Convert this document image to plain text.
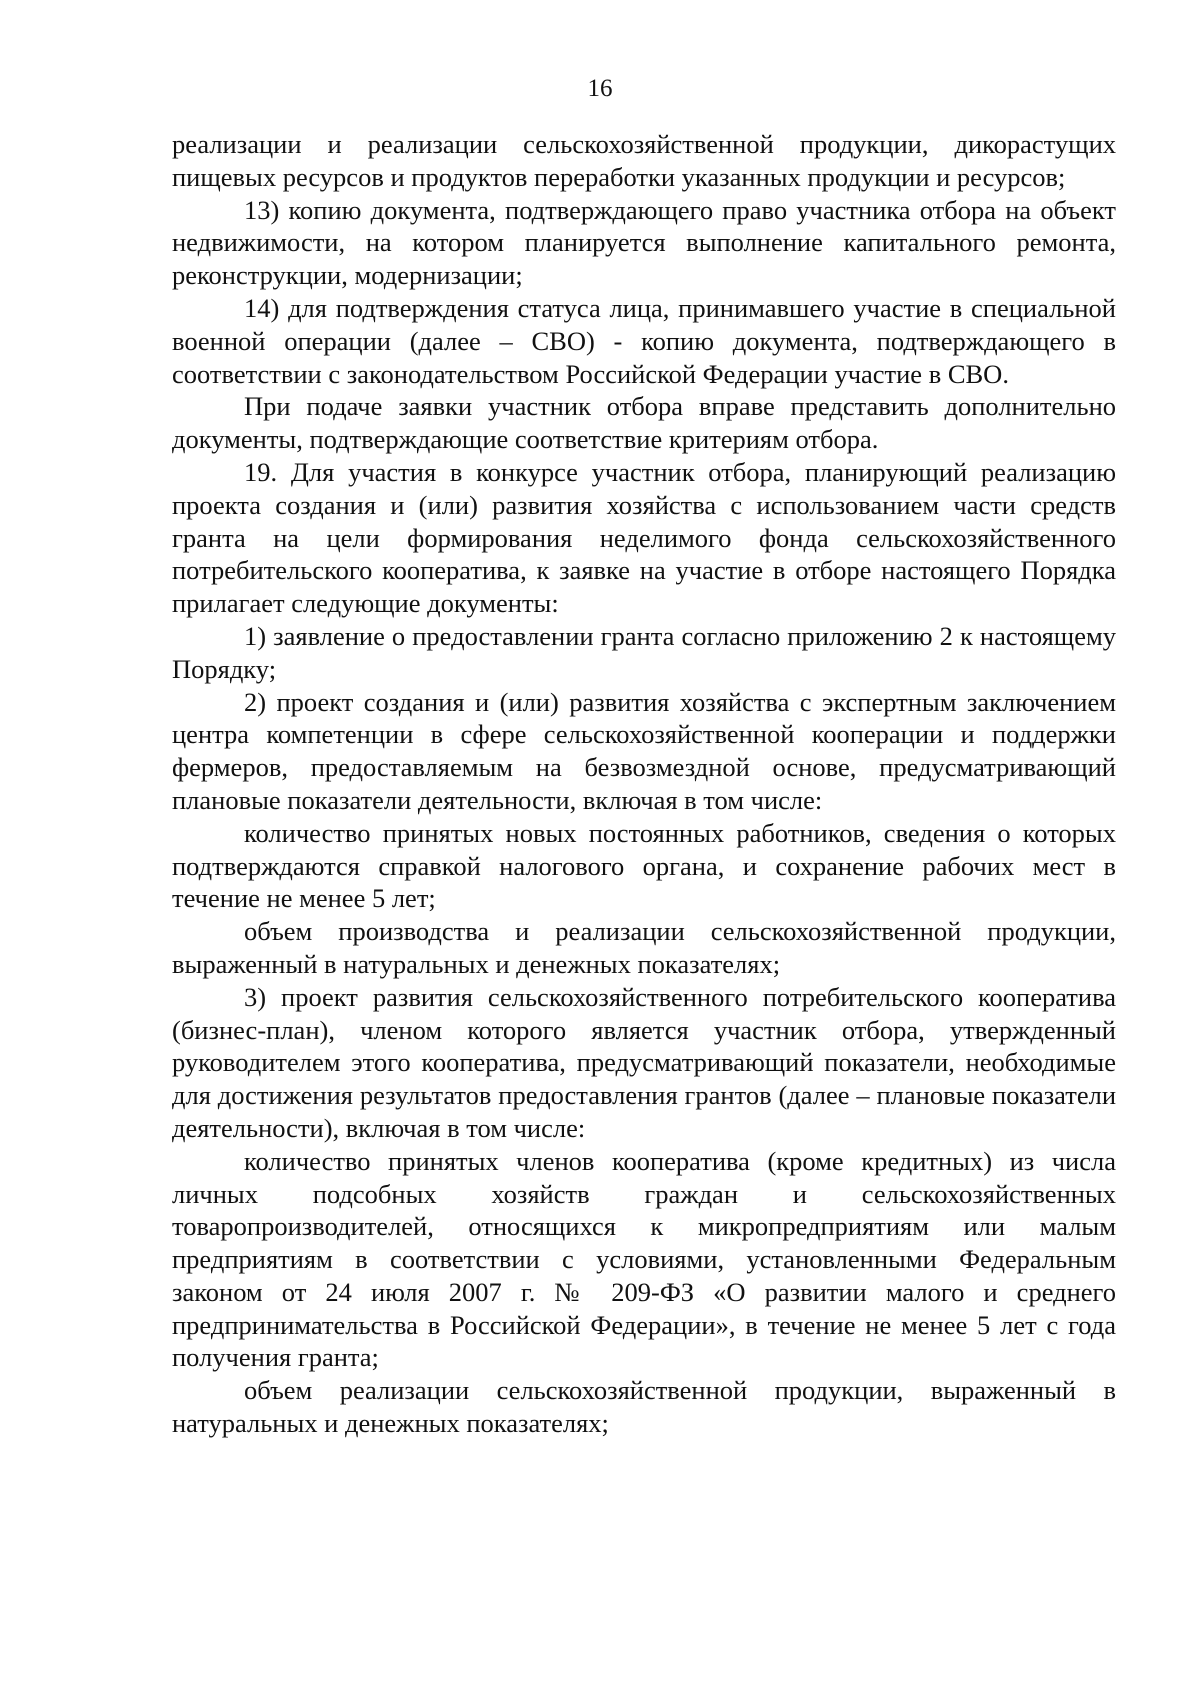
16

реализации и реализации сельскохозяйственной продукции, дикорастущих пищевых ресурсов и продуктов переработки указанных продукции и ресурсов;

13) копию документа, подтверждающего право участника отбора на объект недвижимости, на котором планируется выполнение капитального ремонта, реконструкции, модернизации;

14) для подтверждения статуса лица, принимавшего участие в специальной военной операции (далее – СВО) - копию документа, подтверждающего в соответствии с законодательством Российской Федерации участие в СВО.

При подаче заявки участник отбора вправе представить дополнительно документы, подтверждающие соответствие критериям отбора.

19. Для участия в конкурсе участник отбора, планирующий реализацию проекта создания и (или) развития хозяйства с использованием части средств гранта на цели формирования неделимого фонда сельскохозяйственного потребительского кооператива, к заявке на участие в отборе настоящего Порядка прилагает следующие документы:

1) заявление о предоставлении гранта согласно приложению 2 к настоящему Порядку;

2) проект создания и (или) развития хозяйства с экспертным заключением центра компетенции в сфере сельскохозяйственной кооперации и поддержки фермеров, предоставляемым на безвозмездной основе, предусматривающий плановые показатели деятельности, включая в том числе:

количество принятых новых постоянных работников, сведения о которых подтверждаются справкой налогового органа, и сохранение рабочих мест в течение не менее 5 лет;

объем производства и реализации сельскохозяйственной продукции, выраженный в натуральных и денежных показателях;

3) проект развития сельскохозяйственного потребительского кооператива (бизнес-план), членом которого является участник отбора, утвержденный руководителем этого кооператива, предусматривающий показатели, необходимые для достижения результатов предоставления грантов (далее – плановые показатели деятельности), включая в том числе:

количество принятых членов кооператива (кроме кредитных) из числа личных подсобных хозяйств граждан и сельскохозяйственных товаропроизводителей, относящихся к микропредприятиям или малым предприятиям в соответствии с условиями, установленными Федеральным законом от 24 июля 2007 г. № 209-ФЗ «О развитии малого и среднего предпринимательства в Российской Федерации», в течение не менее 5 лет с года получения гранта;

объем реализации сельскохозяйственной продукции, выраженный в натуральных и денежных показателях;
